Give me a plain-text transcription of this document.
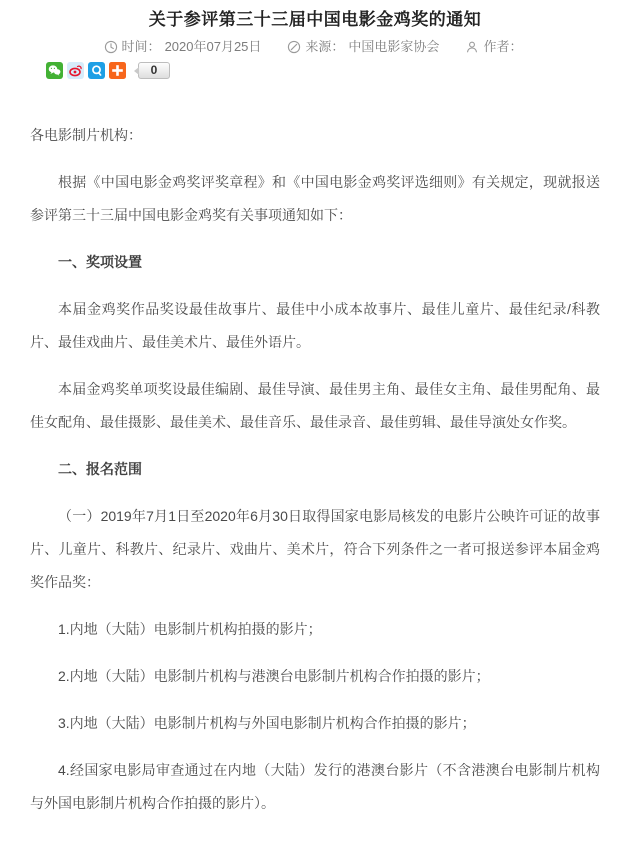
关于参评第三十三届中国电影金鸡奖的通知
时间： 2020年07月25日	来源： 中国电影家协会	作者：
0

各电影制片机构：

根据《中国电影金鸡奖评奖章程》和《中国电影金鸡奖评选细则》有关规定，现就报送参评第三十三届中国电影金鸡奖有关事项通知如下：

一、奖项设置

本届金鸡奖作品奖设最佳故事片、最佳中小成本故事片、最佳儿童片、最佳纪录/科教片、最佳戏曲片、最佳美术片、最佳外语片。

本届金鸡奖单项奖设最佳编剧、最佳导演、最佳男主角、最佳女主角、最佳男配角、最佳女配角、最佳摄影、最佳美术、最佳音乐、最佳录音、最佳剪辑、最佳导演处女作奖。

二、报名范围

（一）2019年7月1日至2020年6月30日取得国家电影局核发的电影片公映许可证的故事片、儿童片、科教片、纪录片、戏曲片、美术片，符合下列条件之一者可报送参评本届金鸡奖作品奖：

1.内地（大陆）电影制片机构拍摄的影片；

2.内地（大陆）电影制片机构与港澳台电影制片机构合作拍摄的影片；

3.内地（大陆）电影制片机构与外国电影制片机构合作拍摄的影片；

4.经国家电影局审查通过在内地（大陆）发行的港澳台影片（不含港澳台电影制片机构与外国电影制片机构合作拍摄的影片）。
